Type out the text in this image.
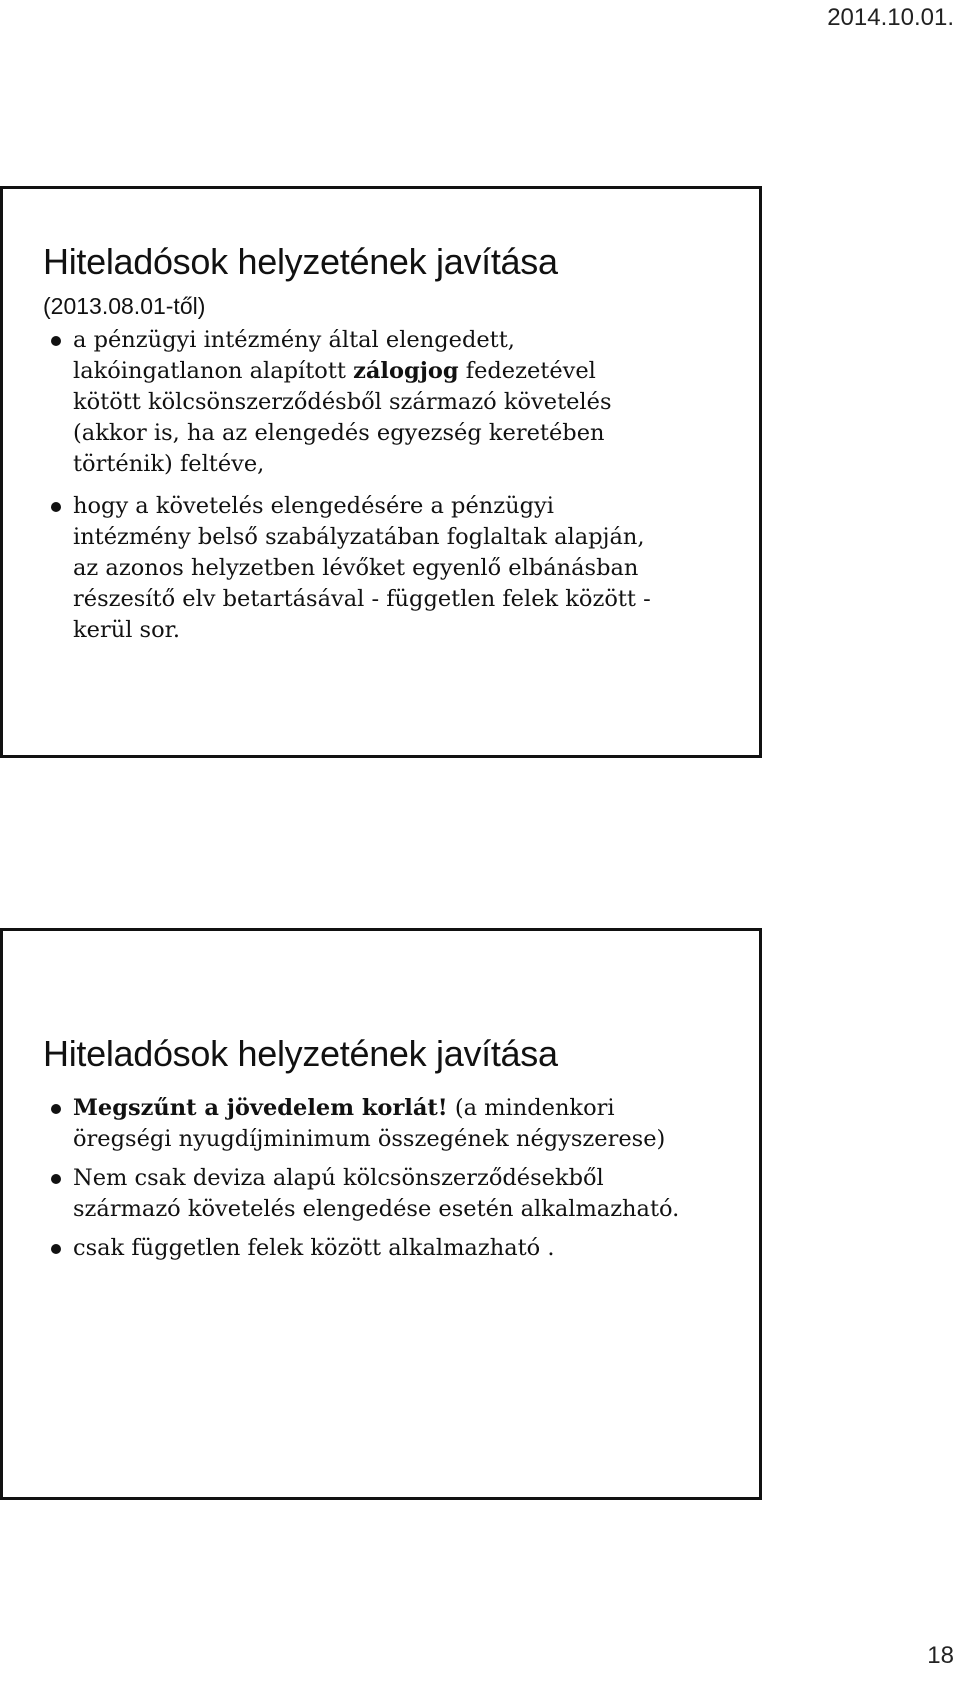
2014.10.01.
Hiteladósok helyzetének javítása
(2013.08.01-től)
a pénzügyi intézmény által elengedett,
lakóingatlanon alapított zálogjog fedezetével
kötött kölcsönszerződésből származó követelés
(akkor is, ha az elengedés egyezség keretében
történik) feltéve,
hogy a követelés elengedésére a pénzügyi
intézmény belső szabályzatában foglaltak alapján,
az azonos helyzetben lévőket egyenlő elbánásban
részesítő elv betartásával - független felek között -
kerül sor.
Hiteladósok helyzetének javítása
Megszűnt a jövedelem korlát! (a mindenkori
öregségi nyugdíjminimum összegének négyszerese)
Nem csak deviza alapú kölcsönszerződésekből
származó követelés elengedése esetén alkalmazható.
csak független felek között alkalmazható .
18
